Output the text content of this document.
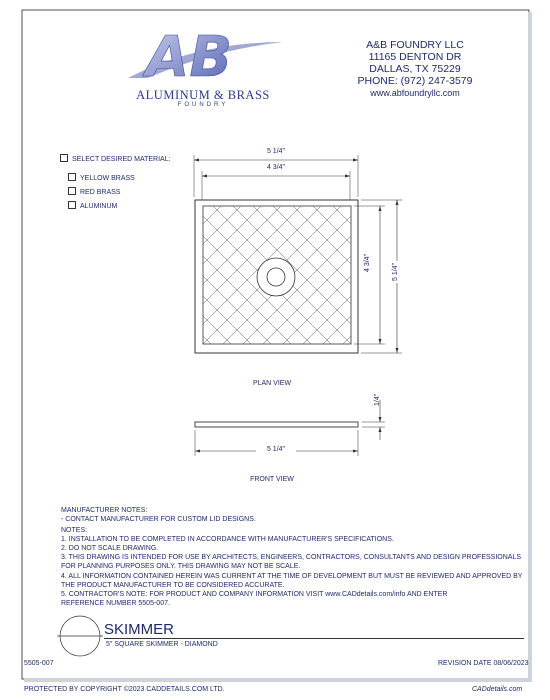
AB
ALUMINUM & BRASS
FOUNDRY
A&B FOUNDRY LLC
11165 DENTON DR
DALLAS, TX 75229
PHONE: (972) 247-3579
www.abfoundryllc.com
SELECT DESIRED MATERIAL:
YELLOW BRASS
RED BRASS
ALUMINUM
5 1/4"
4 3/4"
4 3/4"	5 1/4"
PLAN VIEW
1/4"
5 1/4"
FRONT VIEW
MANUFACTURER NOTES:
- CONTACT MANUFACTURER FOR CUSTOM LID DESIGNS.
NOTES:
1. INSTALLATION TO BE COMPLETED IN ACCORDANCE WITH MANUFACTURER'S SPECIFICATIONS.
2. DO NOT SCALE DRAWING.
3. THIS DRAWING IS INTENDED FOR USE BY ARCHITECTS, ENGINEERS, CONTRACTORS, CONSULTANTS AND DESIGN PROFESSIONALS
FOR PLANNING PURPOSES ONLY. THIS DRAWING MAY NOT BE SCALE.
4. ALL INFORMATION CONTAINED HEREIN WAS CURRENT AT THE TIME OF DEVELOPMENT BUT MUST BE REVIEWED AND APPROVED BY
THE PRODUCT MANUFACTURER TO BE CONSIDERED ACCURATE.
5. CONTRACTOR'S NOTE: FOR PRODUCT AND COMPANY INFORMATION VISIT www.CADdetails.com/info AND ENTER
REFERENCE NUMBER 5505-007.
SKIMMER
5" SQUARE SKIMMER - DIAMOND
5505-007	REVISION DATE 08/06/2023
PROTECTED BY COPYRIGHT ©2023 CADDETAILS.COM LTD.	CADdetails.com
